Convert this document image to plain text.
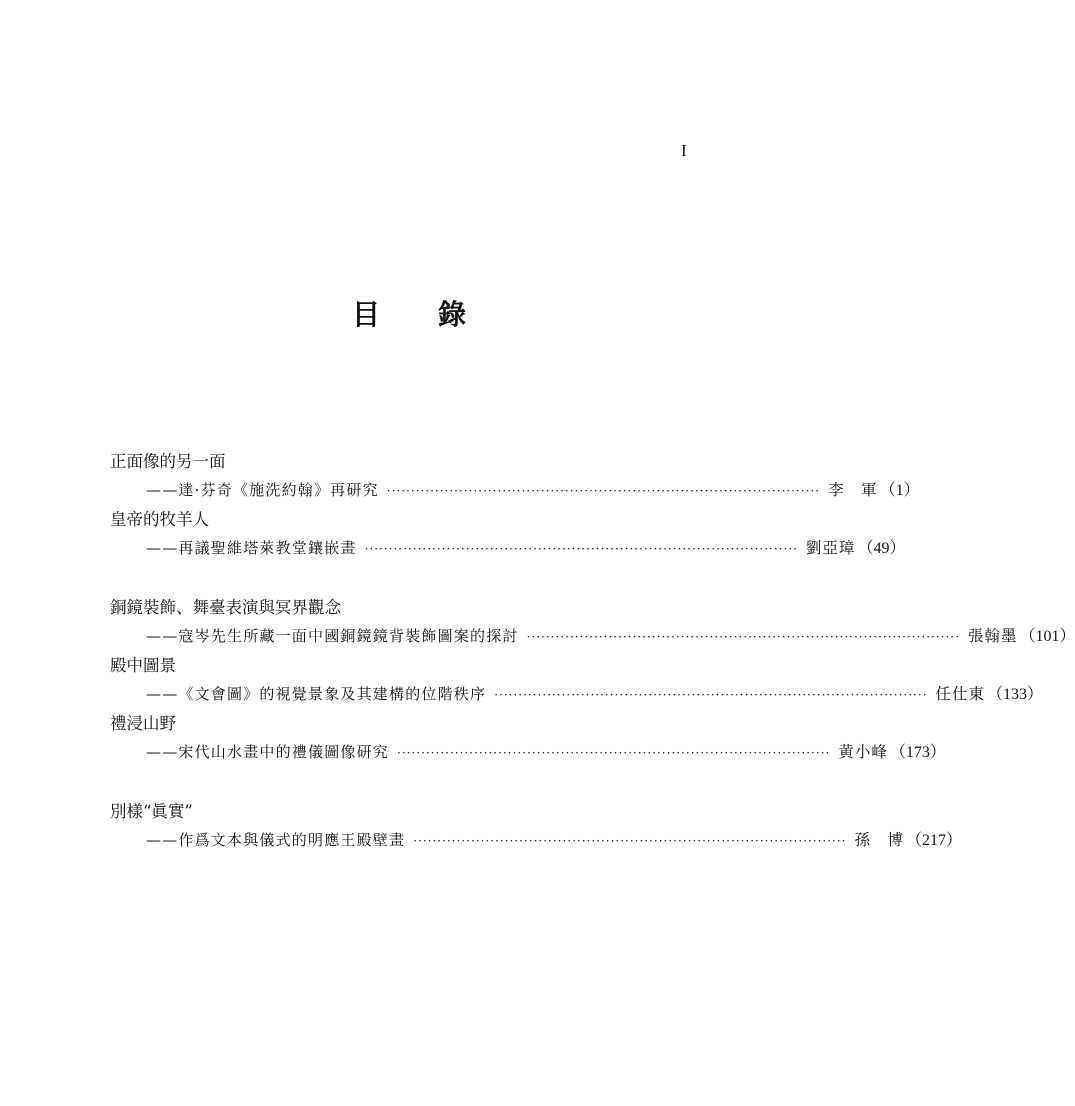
I
目錄
正面像的另一面
——達·芬奇《施洗約翰》再研究 ·························································································· 李　軍 （1）
皇帝的牧羊人
——再議聖維塔萊教堂鑲嵌畫 ·························································································· 劉亞璋 （49）
銅鏡裝飾、舞臺表演與冥界觀念
——寇岑先生所藏一面中國銅鏡鏡背裝飾圖案的探討 ·························································································· 張翰墨 （101）
殿中圖景
——《文會圖》的視覺景象及其建構的位階秩序 ·························································································· 任仕東 （133）
禮浸山野
——宋代山水畫中的禮儀圖像研究 ·························································································· 黄小峰 （173）
別樣“眞實”
——作爲文本與儀式的明應王殿壁畫 ·························································································· 孫　博 （217）
